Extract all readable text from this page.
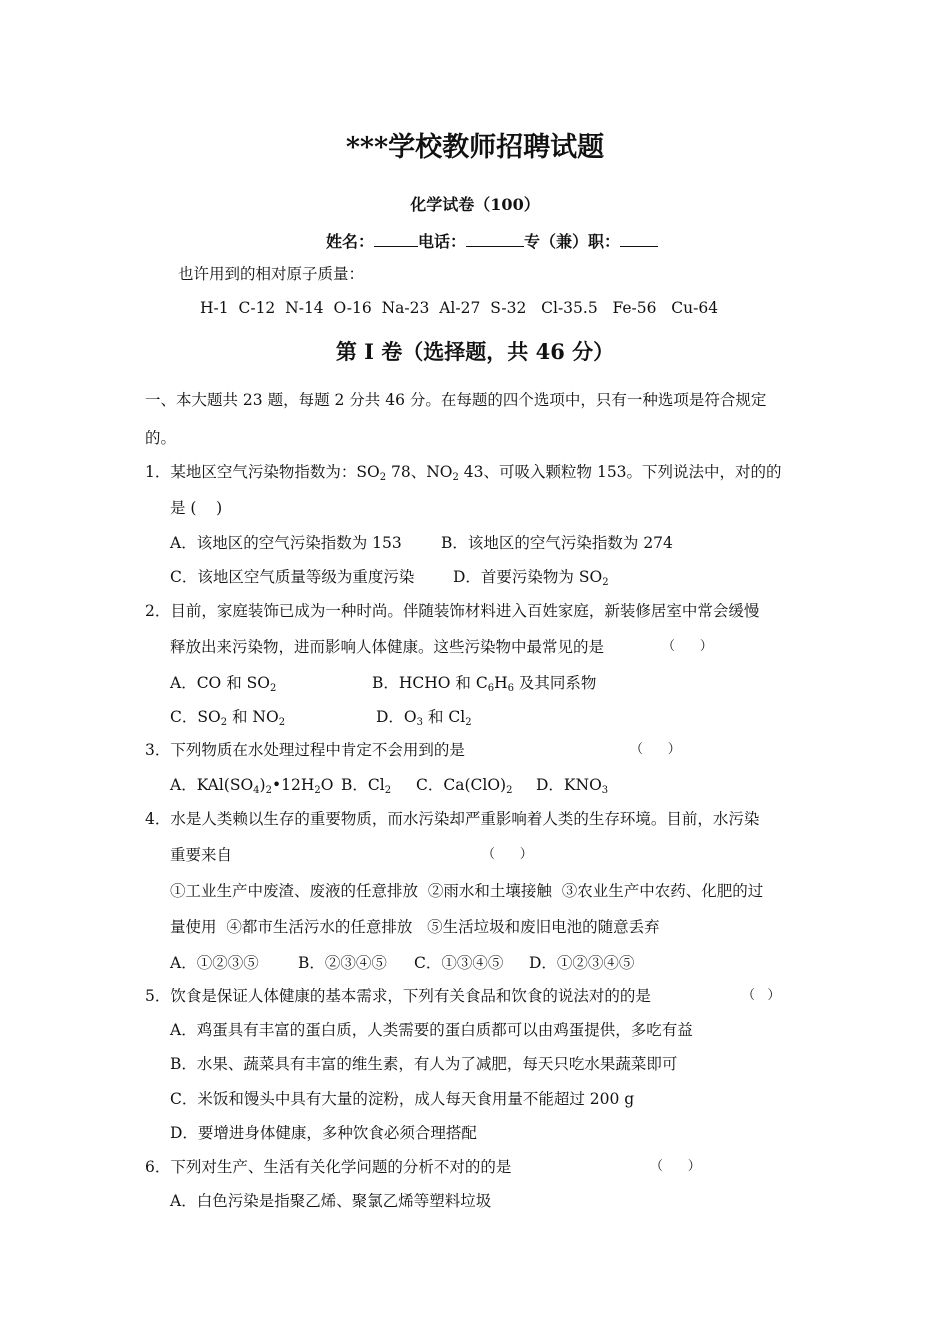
***学校教师招聘试题
化学试卷（100）
姓名：	电话：	专（兼）职：
也许用到的相对原子质量：
H-1  C-12  N-14  O-16  Na-23  Al-27  S-32   Cl-35.5   Fe-56   Cu-64
第 I 卷（选择题，共 46 分）
一、本大题共 23 题，每题 2 分共 46 分。在每题的四个选项中，只有一种选项是符合规定
的。
1．某地区空气污染物指数为：$SO_2$ 78、$NO_2$ 43、可吸入颗粒物 153。下列说法中，对的的
是 (    )
A．该地区的空气污染指数为 153	B．该地区的空气污染指数为 274
C．该地区空气质量等级为重度污染 D．首要污染物为 $SO_2$
2．目前，家庭装饰已成为一种时尚。伴随装饰材料进入百姓家庭，新装修居室中常会缓慢
释放出来污染物，进而影响人体健康。这些污染物中最常见的是	（      ）
A．CO 和 $SO_2$	B．HCHO 和 $C_6H_6$ 及其同系物
C．$SO_2$ 和 $NO_2$	D．$O_3$ 和 $Cl_2$
3．下列物质在水处理过程中肯定不会用到的是	（      ）
A．$KAl(SO_4)_2•12H_2O$ B．$Cl_2$ C．$Ca(ClO)_2$ D．$KNO_3$
4．水是人类赖以生存的重要物质，而水污染却严重影响着人类的生存环境。目前，水污染
重要来自	（      ）
①工业生产中废渣、废液的任意排放  ②雨水和土壤接触  ③农业生产中农药、化肥的过
量使用  ④都市生活污水的任意排放   ⑤生活垃圾和废旧电池的随意丢弃
A．①②③⑤	B．②③④⑤ C．①③④⑤ D．①②③④⑤
5．饮食是保证人体健康的基本需求，下列有关食品和饮食的说法对的的是	（   ）
A．鸡蛋具有丰富的蛋白质，人类需要的蛋白质都可以由鸡蛋提供，多吃有益
B．水果、蔬菜具有丰富的维生素，有人为了减肥，每天只吃水果蔬菜即可
C．米饭和馒头中具有大量的淀粉，成人每天食用量不能超过 200 g
D．要增进身体健康，多种饮食必须合理搭配
6．下列对生产、生活有关化学问题的分析不对的的是	（      ）
A．白色污染是指聚乙烯、聚氯乙烯等塑料垃圾
